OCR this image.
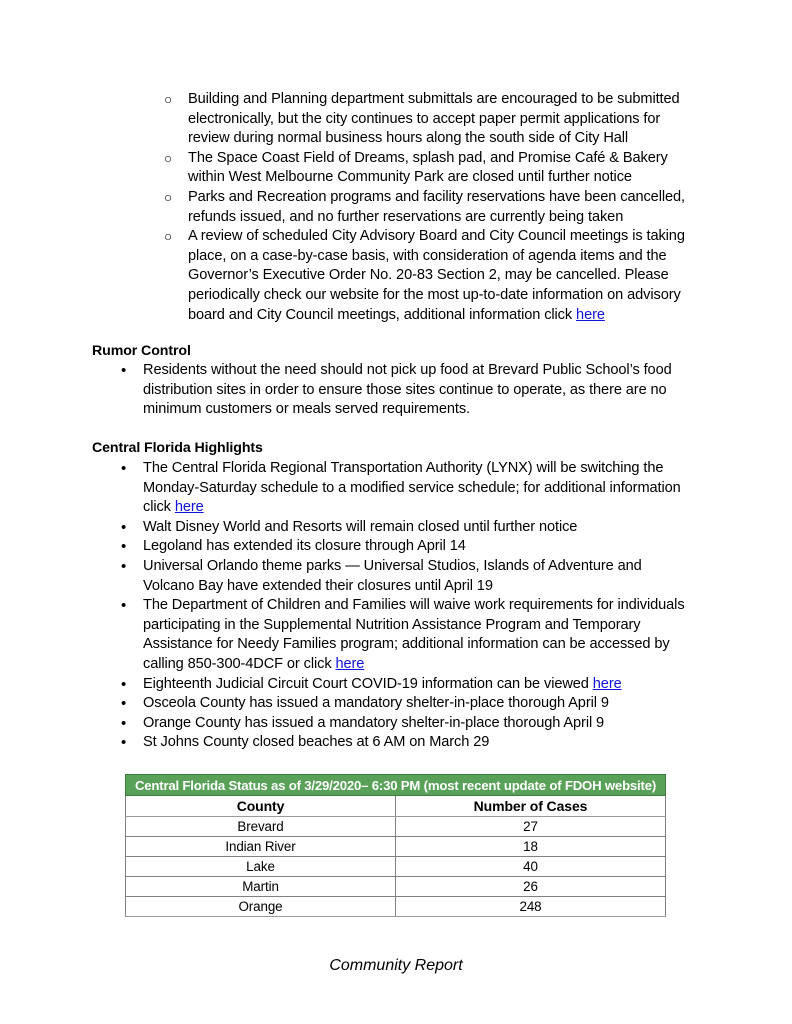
○	Building and Planning department submittals are encouraged to be submitted electronically, but the city continues to accept paper permit applications for review during normal business hours along the south side of City Hall
○	The Space Coast Field of Dreams, splash pad, and Promise Café & Bakery within West Melbourne Community Park are closed until further notice
○	Parks and Recreation programs and facility reservations have been cancelled, refunds issued, and no further reservations are currently being taken
○	A review of scheduled City Advisory Board and City Council meetings is taking place, on a case-by-case basis, with consideration of agenda items and the Governor’s Executive Order No. 20-83 Section 2, may be cancelled. Please periodically check our website for the most up-to-date information on advisory board and City Council meetings, additional information click here
Rumor Control
•	Residents without the need should not pick up food at Brevard Public School’s food distribution sites in order to ensure those sites continue to operate, as there are no minimum customers or meals served requirements.
Central Florida Highlights
•	The Central Florida Regional Transportation Authority (LYNX) will be switching the Monday-Saturday schedule to a modified service schedule; for additional information click here
•	Walt Disney World and Resorts will remain closed until further notice
•	Legoland has extended its closure through April 14
•	Universal Orlando theme parks — Universal Studios, Islands of Adventure and Volcano Bay have extended their closures until April 19
•	The Department of Children and Families will waive work requirements for individuals participating in the Supplemental Nutrition Assistance Program and Temporary Assistance for Needy Families program; additional information can be accessed by calling 850-300-4DCF or click here
•	Eighteenth Judicial Circuit Court COVID-19 information can be viewed here
•	Osceola County has issued a mandatory shelter-in-place thorough April 9
•	Orange County has issued a mandatory shelter-in-place thorough April 9
•	St Johns County closed beaches at 6 AM on March 29
Central Florida Status as of 3/29/2020– 6:30 PM (most recent update of FDOH website)	
County	Number of Cases
Brevard	27
Indian River	18
Lake	40
Martin	26
Orange	248
Community Report
